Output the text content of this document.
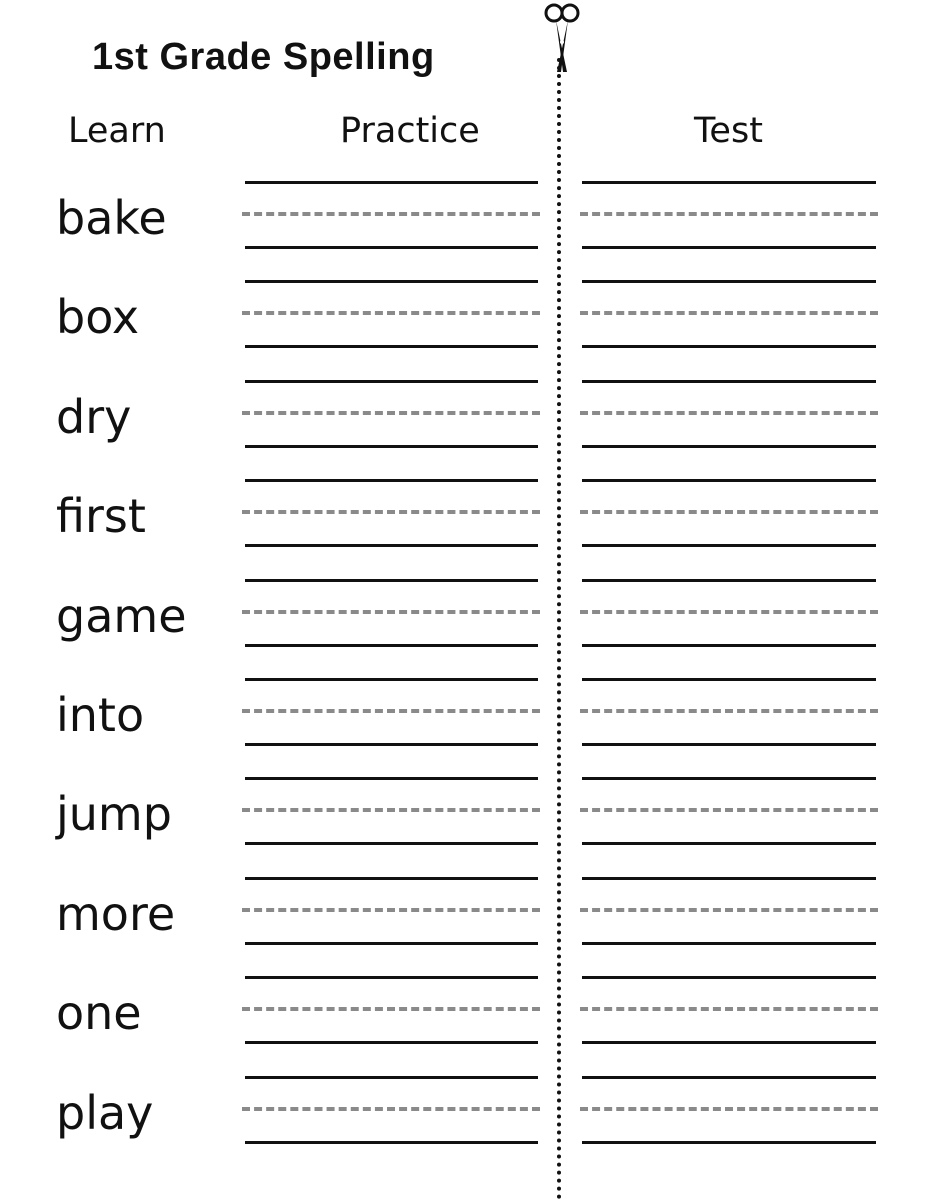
1st Grade Spelling
Learn	Practice	Test
bake
box
dry
first
game
into
jump
more
one
play
